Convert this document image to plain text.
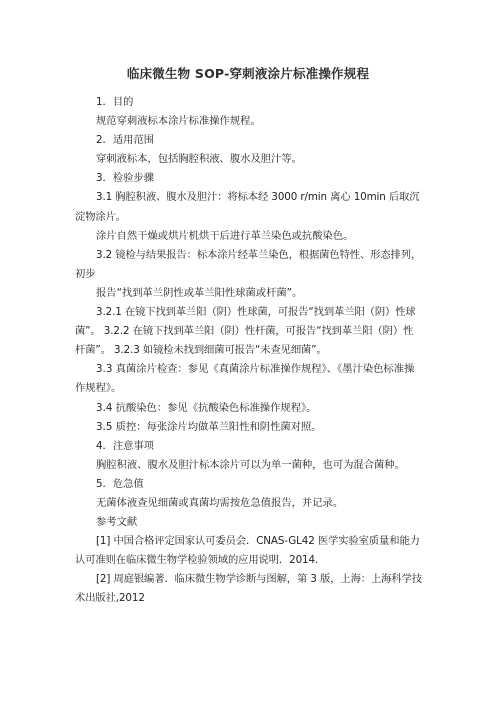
临床微生物 SOP-穿刺液涂片标准操作规程

1．目的

规范穿刺液标本涂片标准操作规程。

2．适用范围

穿刺液标本，包括胸腔积液、腹水及胆汁等。

3．检验步骤

3.1 胸腔积液、腹水及胆汁：将标本经 3000 r/min 离心 10min 后取沉淀物涂片。

涂片自然干燥或烘片机烘干后进行革兰染色或抗酸染色。

3.2 镜检与结果报告：标本涂片经革兰染色，根据菌色特性、形态排列，初步

报告“找到革兰阴性或革兰阳性球菌或杆菌”。

3.2.1 在镜下找到革兰阳（阴）性球菌，可报告“找到革兰阳（阴）性球菌”。 3.2.2 在镜下找到革兰阳（阴）性杆菌，可报告“找到革兰阳（阴）性杆菌”。 3.2.3 如镜检未找到细菌可报告“未查见细菌”。

3.3 真菌涂片检查：参见《真菌涂片标准操作规程》、《墨汁染色标准操作规程》。

3.4 抗酸染色：参见《抗酸染色标准操作规程》。

3.5 质控：每张涂片均做革兰阳性和阴性菌对照。

4．注意事项

胸腔积液、腹水及胆汁标本涂片可以为单一菌种，也可为混合菌种。

5．危急值

无菌体液查见细菌或真菌均需按危急值报告，并记录。

参考文献

[1] 中国合格评定国家认可委员会．CNAS-GL42 医学实验室质量和能力认可准则在临床微生物学检验领域的应用说明．2014.

[2] 周庭银编著．临床微生物学诊断与图解，第 3 版，上海：上海科学技术出版社,2012
